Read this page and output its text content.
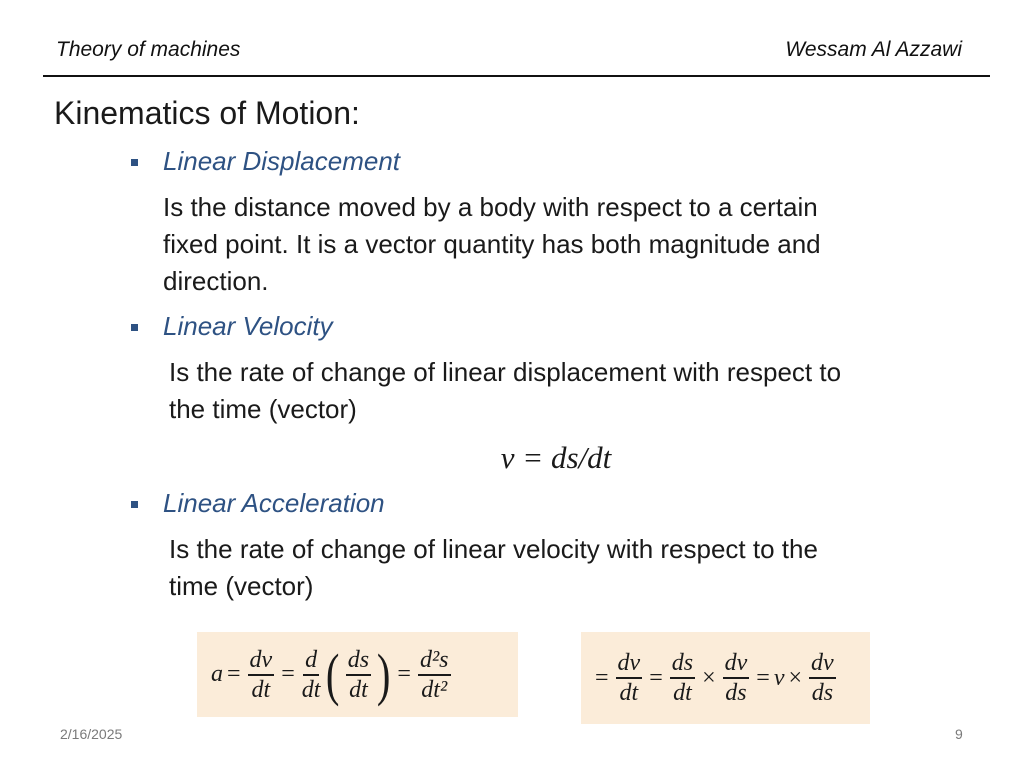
Theory of machines	Wessam Al Azzawi
Kinematics of Motion:
Linear Displacement
Is the distance moved by a body with respect to a certain
fixed point. It is a vector quantity has both magnitude and
direction.
Linear Velocity
Is the rate of change of linear displacement with respect to
the time (vector)
v = ds/dt
Linear Acceleration
Is the rate of change of linear velocity with respect to the
time (vector)
$a = \frac{dv}{dt} = \frac{d}{dt}$ ( $\frac{ds}{dt}$ ) = $\frac{\text{d²s}}{\text{dt²}}$	= $\frac{dv}{dt} = \frac{ds}{dt} \times \frac{dv}{ds} = v \times \frac{dv}{ds}$
2/16/2025	9
